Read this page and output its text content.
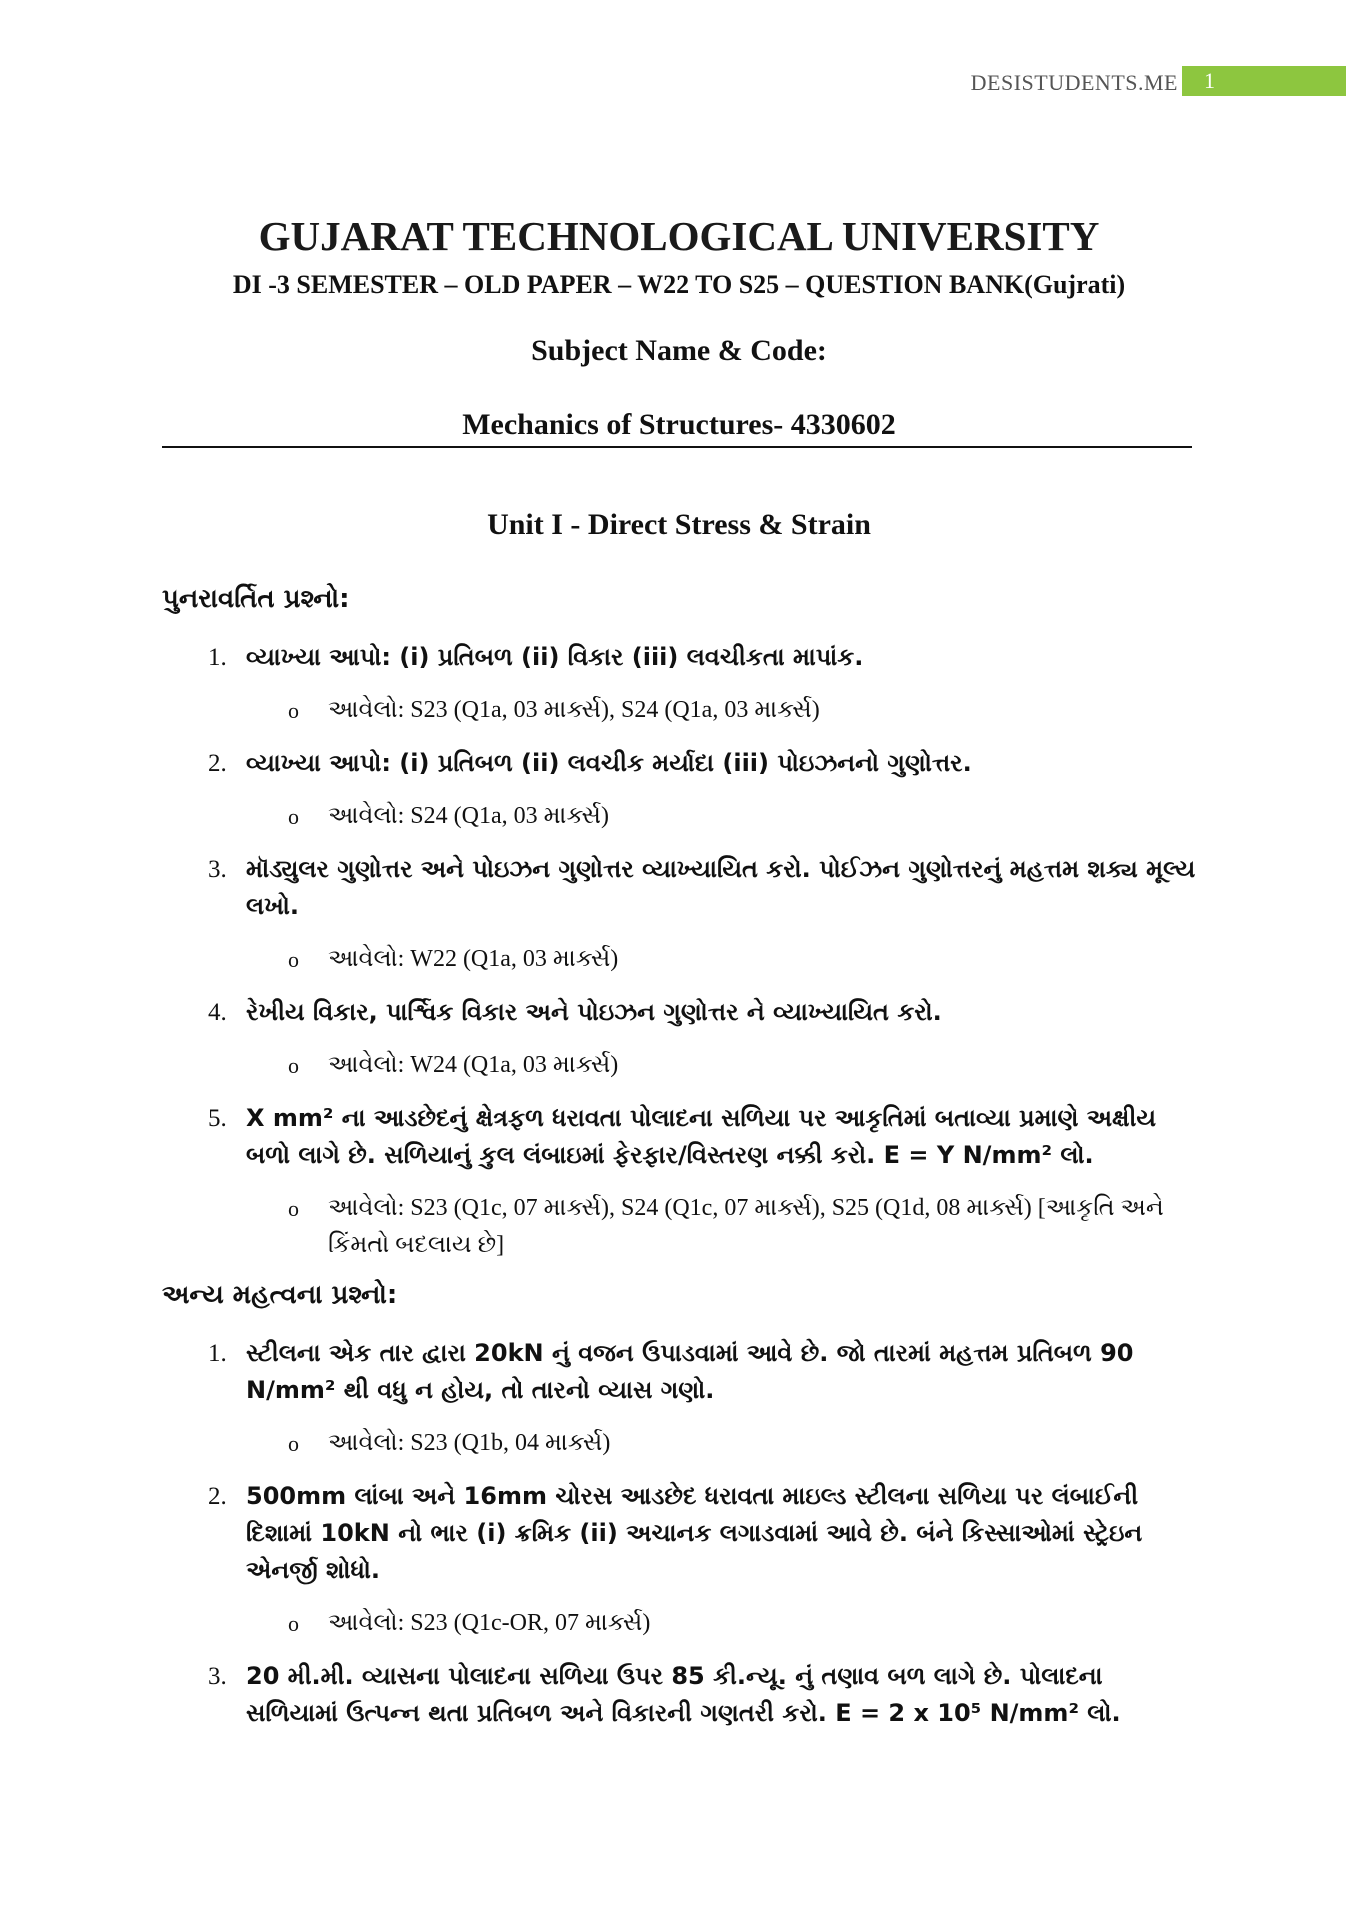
DESISTUDENTS.ME	1
GUJARAT TECHNOLOGICAL UNIVERSITY
DI -3 SEMESTER – OLD PAPER – W22 TO S25 – QUESTION BANK(Gujrati)
Subject Name & Code:
Mechanics of Structures- 4330602
Unit I - Direct Stress & Strain
પુનરાવર્તિત પ્રશ્નો:
1. વ્યાખ્યા આપો: (i) પ્રતિબળ (ii) વિકાર (iii) લવચીકતા માપાંક.
o આવેલો: S23 (Q1a, 03 માર્ક્સ), S24 (Q1a, 03 માર્ક્સ)
2. વ્યાખ્યા આપો: (i) પ્રતિબળ (ii) લવચીક મર્યાદા (iii) પોઇઝનનો ગુણોત્તર.
o આવેલો: S24 (Q1a, 03 માર્ક્સ)
3. મૉડ્યુલર ગુણોત્તર અને પોઇઝન ગુણોત્તર વ્યાખ્યાયિત કરો. પોઈઝન ગુણોત્તરનું મહત્તમ શક્ય મૂલ્ય લખો.
o આવેલો: W22 (Q1a, 03 માર્ક્સ)
4. રેખીય વિકાર, પાર્શ્વિક વિકાર અને પોઇઝન ગુણોત્તર ને વ્યાખ્યાયિત કરો.
o આવેલો: W24 (Q1a, 03 માર્ક્સ)
5. X mm² ના આડછેદનું ક્ષેત્રફળ ધરાવતા પોલાદના સળિયા પર આકૃતિમાં બતાવ્યા પ્રમાણે અક્ષીય બળો લાગે છે. સળિયાનું કુલ લંબાઇમાં ફેરફાર/વિસ્તરણ નક્કી કરો. E = Y N/mm² લો.
o આવેલો: S23 (Q1c, 07 માર્ક્સ), S24 (Q1c, 07 માર્ક્સ), S25 (Q1d, 08 માર્ક્સ) [આકૃતિ અને કિંમતો બદલાય છે]
અન્ય મહત્વના પ્રશ્નો:
1. સ્ટીલના એક તાર દ્વારા 20kN નું વજન ઉપાડવામાં આવે છે. જો તારમાં મહત્તમ પ્રતિબળ 90 N/mm² થી વધુ ન હોય, તો તારનો વ્યાસ ગણો.
o આવેલો: S23 (Q1b, 04 માર્ક્સ)
2. 500mm લાંબા અને 16mm ચોરસ આડછેદ ધરાવતા માઇલ્ડ સ્ટીલના સળિયા પર લંબાઈની દિશામાં 10kN નો ભાર (i) ક્રમિક (ii) અચાનક લગાડવામાં આવે છે. બંને કિસ્સાઓમાં સ્ટ્રેઇન એનર્જી શોધો.
o આવેલો: S23 (Q1c-OR, 07 માર્ક્સ)
3. 20 મી.મી. વ્યાસના પોલાદના સળિયા ઉપર 85 કી.ન્યૂ. નું તણાવ બળ લાગે છે. પોલાદના સળિયામાં ઉત્પન્ન થતા પ્રતિબળ અને વિકારની ગણતરી કરો. E = 2 x 10⁵ N/mm² લો.
